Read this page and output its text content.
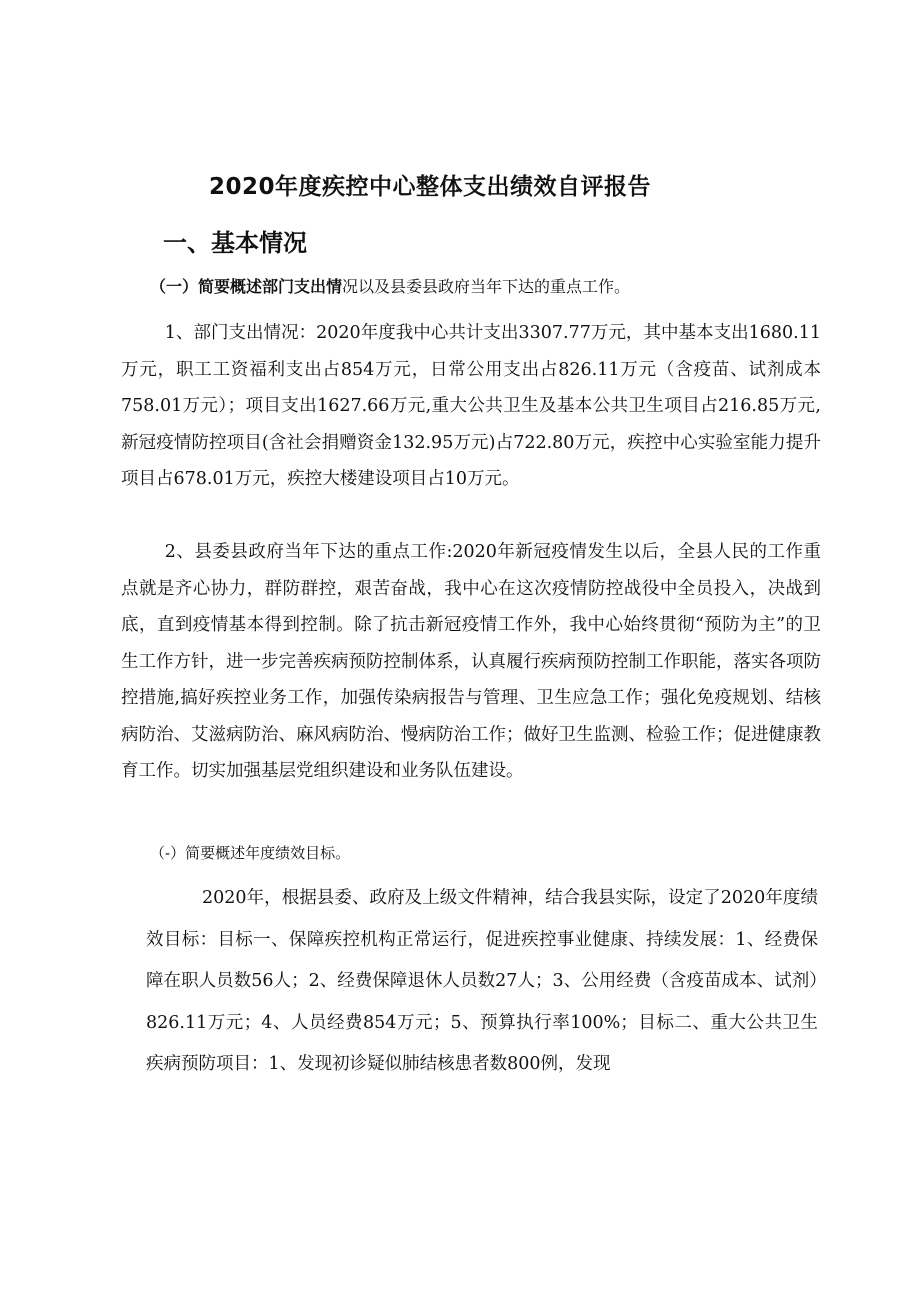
2020年度疾控中心整体支出绩效自评报告
一、基本情况

（一）简要概述部门支出情况以及县委县政府当年下达的重点工作。

1、部门支出情况：2020年度我中心共计支出3307.77万元，其中基本支出1680.11万元，职工工资福利支出占854万元，日常公用支出占826.11万元（含疫苗、试剂成本758.01万元）；项目支出1627.66万元,重大公共卫生及基本公共卫生项目占216.85万元,新冠疫情防控项目(含社会捐赠资金132.95万元)占722.80万元，疾控中心实验室能力提升项目占678.01万元，疾控大楼建设项目占10万元。

2、县委县政府当年下达的重点工作:2020年新冠疫情发生以后，全县人民的工作重点就是齐心协力，群防群控，艰苦奋战，我中心在这次疫情防控战役中全员投入，决战到底，直到疫情基本得到控制。除了抗击新冠疫情工作外，我中心始终贯彻“预防为主”的卫生工作方针，进一步完善疾病预防控制体系，认真履行疾病预防控制工作职能，落实各项防控措施,搞好疾控业务工作，加强传染病报告与管理、卫生应急工作；强化免疫规划、结核病防治、艾滋病防治、麻风病防治、慢病防治工作；做好卫生监测、检验工作；促进健康教育工作。切实加强基层党组织建设和业务队伍建设。

（-）简要概述年度绩效目标。

2020年，根据县委、政府及上级文件精神，结合我县实际，设定了2020年度绩效目标：目标一、保障疾控机构正常运行，促进疾控事业健康、持续发展：1、经费保障在职人员数56人；2、经费保障退休人员数27人；3、公用经费（含疫苗成本、试剂）826.11万元；4、人员经费854万元；5、预算执行率100%；目标二、重大公共卫生疾病预防项目：1、发现初诊疑似肺结核患者数800例，发现
